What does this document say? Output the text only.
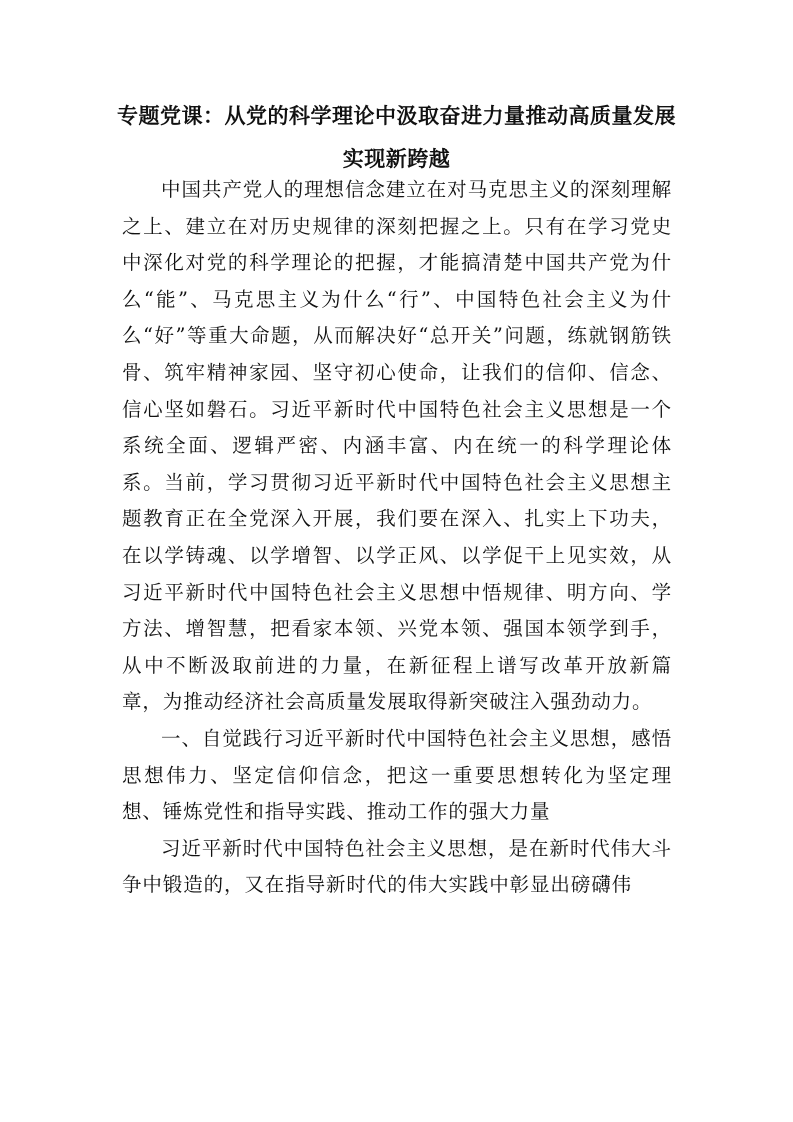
专题党课：从党的科学理论中汲取奋进力量推动高质量发展
实现新跨越

中国共产党人的理想信念建立在对马克思主义的深刻理解之上、建立在对历史规律的深刻把握之上。只有在学习党史中深化对党的科学理论的把握，才能搞清楚中国共产党为什么“能”、马克思主义为什么“行”、中国特色社会主义为什么“好”等重大命题，从而解决好“总开关”问题，练就钢筋铁骨、筑牢精神家园、坚守初心使命，让我们的信仰、信念、信心坚如磐石。习近平新时代中国特色社会主义思想是一个系统全面、逻辑严密、内涵丰富、内在统一的科学理论体系。当前，学习贯彻习近平新时代中国特色社会主义思想主题教育正在全党深入开展，我们要在深入、扎实上下功夫，在以学铸魂、以学增智、以学正风、以学促干上见实效，从习近平新时代中国特色社会主义思想中悟规律、明方向、学方法、增智慧，把看家本领、兴党本领、强国本领学到手，从中不断汲取前进的力量，在新征程上谱写改革开放新篇章，为推动经济社会高质量发展取得新突破注入强劲动力。

一、自觉践行习近平新时代中国特色社会主义思想，感悟思想伟力、坚定信仰信念，把这一重要思想转化为坚定理想、锤炼党性和指导实践、推动工作的强大力量

习近平新时代中国特色社会主义思想，是在新时代伟大斗争中锻造的，又在指导新时代的伟大实践中彰显出磅礴伟
